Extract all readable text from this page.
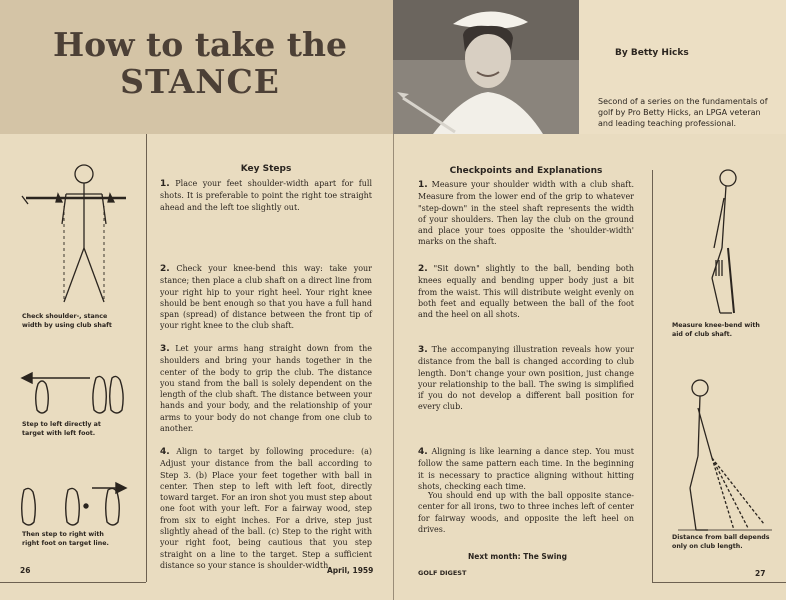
How to take the
STANCE
By Betty Hicks
Second of a series on the fundamentals of golf by Pro Betty Hicks, an LPGA veteran and leading teaching professional.
Check shoulder-, stance width by using club shaft
Step to left directly at target with left foot.
Then step to right with right foot on target line.
Measure knee-bend with aid of club shaft.
Distance from ball depends only on club length.
Key Steps
1. Place your feet shoulder-width apart for full shots. It is preferable to point the right toe straight ahead and the left toe slightly out.
2. Check your knee-bend this way: take your stance; then place a club shaft on a direct line from your right hip to your right heel. Your right knee should be bent enough so that you have a full hand span (spread) of distance between the front tip of your right knee to the club shaft.
3. Let your arms hang straight down from the shoulders and bring your hands together in the center of the body to grip the club. The distance you stand from the ball is solely dependent on the length of the club shaft. The distance between your hands and your body, and the relationship of your arms to your body do not change from one club to another.
4. Align to target by following procedure: (a) Adjust your distance from the ball according to Step 3. (b) Place your feet together with ball in center. Then step to left with left foot, directly toward target. For an iron shot you must step about one foot with your left. For a fairway wood, step from six to eight inches. For a drive, step just slightly ahead of the ball. (c) Step to the right with your right foot, being cautious that you step straight on a line to the target. Step a sufficient distance so your stance is shoulder-width.
Checkpoints and Explanations
1. Measure your shoulder width with a club shaft. Measure from the lower end of the grip to whatever "step-down" in the steel shaft represents the width of your shoulders. Then lay the club on the ground and place your toes opposite the 'shoulder-width' marks on the shaft.
2. "Sit down" slightly to the ball, bending both knees equally and bending upper body just a bit from the waist. This will distribute weight evenly on both feet and equally between the ball of the foot and the heel on all shots.
3. The accompanying illustration reveals how your distance from the ball is changed according to club length. Don't change your own position, just change your relationship to the ball. The swing is simplified if you do not develop a different ball position for every club.
4. Aligning is like learning a dance step. You must follow the same pattern each time. In the beginning it is necessary to practice aligning without hitting shots, checking each time.
You should end up with the ball opposite stance-center for all irons, two to three inches left of center for fairway woods, and opposite the left heel on drives.
Next month: The Swing
26	April, 1959	GOLF DIGEST	27
